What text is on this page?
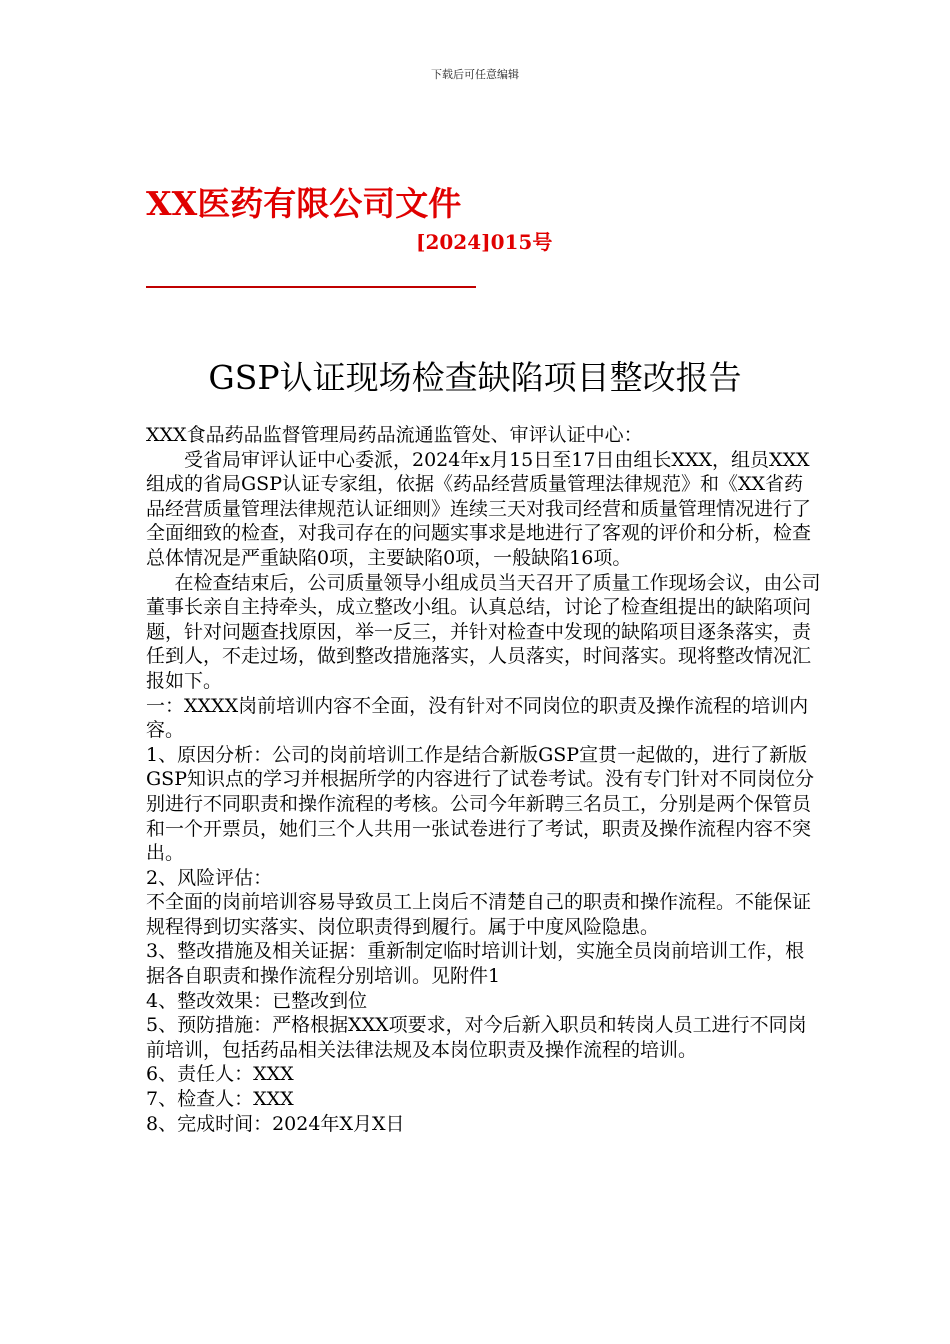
下载后可任意编辑
XX医药有限公司文件
[2024]015号
GSP认证现场检查缺陷项目整改报告

XXX食品药品监督管理局药品流通监管处、审评认证中心：

受省局审评认证中心委派，2024年x月15日至17日由组长XXX，组员XXX组成的省局GSP认证专家组，依据《药品经营质量管理法律规范》和《XX省药品经营质量管理法律规范认证细则》连续三天对我司经营和质量管理情况进行了全面细致的检查，对我司存在的问题实事求是地进行了客观的评价和分析，检查总体情况是严重缺陷0项，主要缺陷0项，一般缺陷16项。

在检查结束后，公司质量领导小组成员当天召开了质量工作现场会议，由公司董事长亲自主持牵头，成立整改小组。认真总结，讨论了检查组提出的缺陷项问题，针对问题查找原因，举一反三，并针对检查中发现的缺陷项目逐条落实，责任到人，不走过场，做到整改措施落实，人员落实，时间落实。现将整改情况汇报如下。

一：XXXX岗前培训内容不全面，没有针对不同岗位的职责及操作流程的培训内容。

1、原因分析：公司的岗前培训工作是结合新版GSP宣贯一起做的，进行了新版GSP知识点的学习并根据所学的内容进行了试卷考试。没有专门针对不同岗位分别进行不同职责和操作流程的考核。公司今年新聘三名员工，分别是两个保管员和一个开票员，她们三个人共用一张试卷进行了考试，职责及操作流程内容不突出。

2、风险评估：

不全面的岗前培训容易导致员工上岗后不清楚自己的职责和操作流程。不能保证规程得到切实落实、岗位职责得到履行。属于中度风险隐患。

3、整改措施及相关证据：重新制定临时培训计划，实施全员岗前培训工作，根据各自职责和操作流程分别培训。见附件1

4、整改效果：已整改到位

5、预防措施：严格根据XXX项要求，对今后新入职员和转岗人员工进行不同岗前培训，包括药品相关法律法规及本岗位职责及操作流程的培训。

6、责任人：XXX

7、检查人：XXX

8、完成时间：2024年X月X日
